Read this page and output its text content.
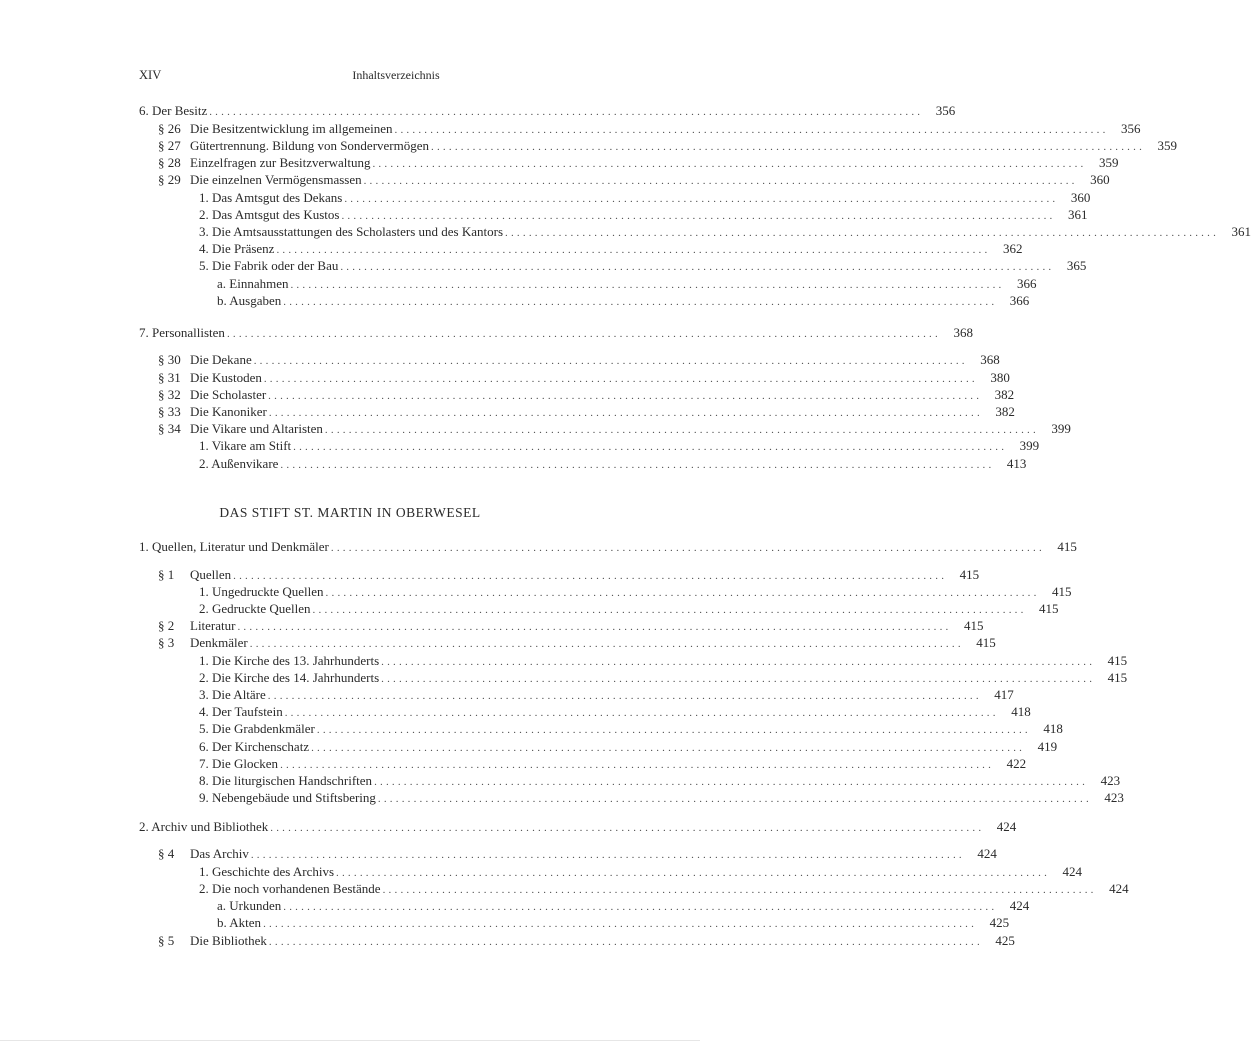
XIV	Inhaltsverzeichnis
6. Der Besitz ........................................................................................................................ 356
§ 26 Die Besitzentwicklung im allgemeinen ........................................................................................................................ 356
§ 27 Gütertrennung. Bildung von Sondervermögen ........................................................................................................................ 359
§ 28 Einzelfragen zur Besitzverwaltung ........................................................................................................................ 359
§ 29 Die einzelnen Vermögensmassen ........................................................................................................................ 360
1. Das Amtsgut des Dekans ........................................................................................................................ 360
2. Das Amtsgut des Kustos ........................................................................................................................ 361
3. Die Amtsausstattungen des Scholasters und des Kantors ........................................................................................................................ 361
4. Die Präsenz ........................................................................................................................ 362
5. Die Fabrik oder der Bau ........................................................................................................................ 365
a. Einnahmen ........................................................................................................................ 366
b. Ausgaben ........................................................................................................................ 366
7. Personallisten ........................................................................................................................ 368
§ 30 Die Dekane ........................................................................................................................ 368
§ 31 Die Kustoden ........................................................................................................................ 380
§ 32 Die Scholaster ........................................................................................................................ 382
§ 33 Die Kanoniker ........................................................................................................................ 382
§ 34 Die Vikare und Altaristen ........................................................................................................................ 399
1. Vikare am Stift ........................................................................................................................ 399
2. Außenvikare ........................................................................................................................ 413
1. Quellen, Literatur und Denkmäler ........................................................................................................................ 415
§ 1	Quellen ........................................................................................................................ 415
1. Ungedruckte Quellen ........................................................................................................................ 415
2. Gedruckte Quellen ........................................................................................................................ 415
§ 2	Literatur ........................................................................................................................ 415
§ 3	Denkmäler ........................................................................................................................ 415
1. Die Kirche des 13. Jahrhunderts ........................................................................................................................ 415
2. Die Kirche des 14. Jahrhunderts ........................................................................................................................ 415
3. Die Altäre ........................................................................................................................ 417
4. Der Taufstein ........................................................................................................................ 418
5. Die Grabdenkmäler ........................................................................................................................ 418
6. Der Kirchenschatz ........................................................................................................................ 419
7. Die Glocken ........................................................................................................................ 422
8. Die liturgischen Handschriften ........................................................................................................................ 423
9. Nebengebäude und Stiftsbering ........................................................................................................................ 423
2. Archiv und Bibliothek ........................................................................................................................ 424
§ 4	Das Archiv ........................................................................................................................ 424
1. Geschichte des Archivs ........................................................................................................................ 424
2. Die noch vorhandenen Bestände ........................................................................................................................ 424
a. Urkunden ........................................................................................................................ 424
b. Akten ........................................................................................................................ 425
§ 5	Die Bibliothek ........................................................................................................................ 425
DAS STIFT ST. MARTIN IN OBERWESEL
